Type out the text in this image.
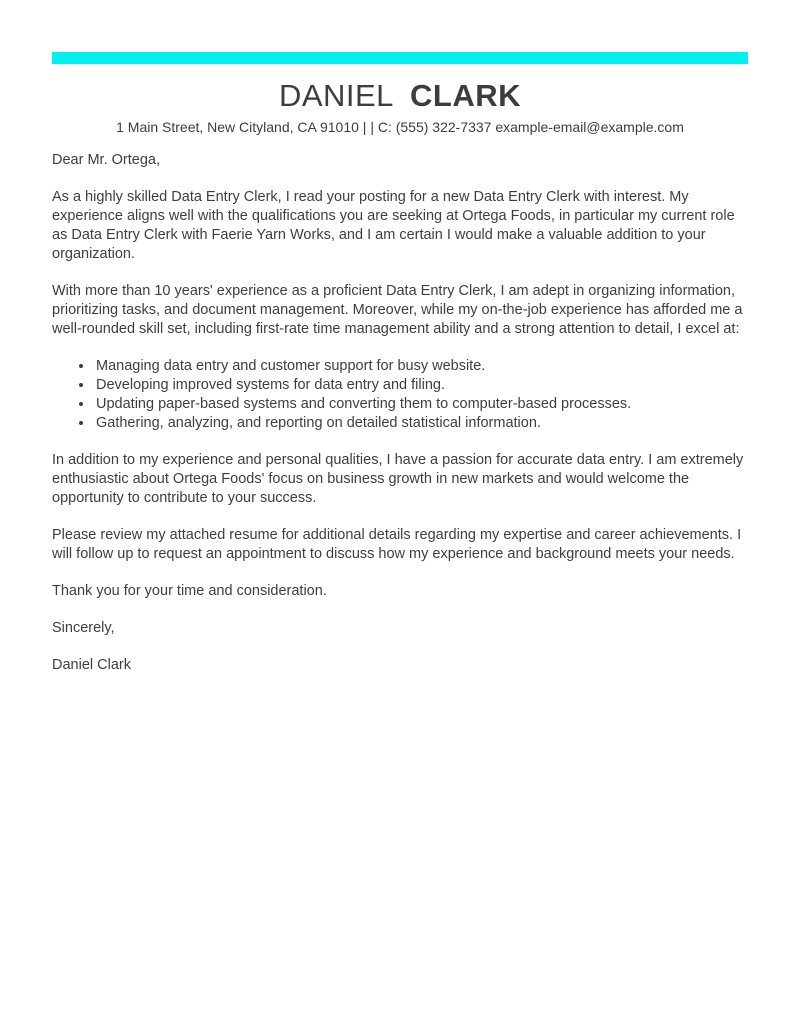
DANIEL CLARK
1 Main Street, New Cityland, CA 91010 | | C: (555) 322-7337 example-email@example.com

Dear Mr. Ortega,

As a highly skilled Data Entry Clerk, I read your posting for a new Data Entry Clerk with interest. My experience aligns well with the qualifications you are seeking at Ortega Foods, in particular my current role as Data Entry Clerk with Faerie Yarn Works, and I am certain I would make a valuable addition to your organization.

With more than 10 years' experience as a proficient Data Entry Clerk, I am adept in organizing information, prioritizing tasks, and document management. Moreover, while my on-the-job experience has afforded me a well-rounded skill set, including first-rate time management ability and a strong attention to detail, I excel at:

• Managing data entry and customer support for busy website.
• Developing improved systems for data entry and filing.
• Updating paper-based systems and converting them to computer-based processes.
• Gathering, analyzing, and reporting on detailed statistical information.

In addition to my experience and personal qualities, I have a passion for accurate data entry. I am extremely enthusiastic about Ortega Foods' focus on business growth in new markets and would welcome the opportunity to contribute to your success.

Please review my attached resume for additional details regarding my expertise and career achievements. I will follow up to request an appointment to discuss how my experience and background meets your needs.

Thank you for your time and consideration.

Sincerely,

Daniel Clark
